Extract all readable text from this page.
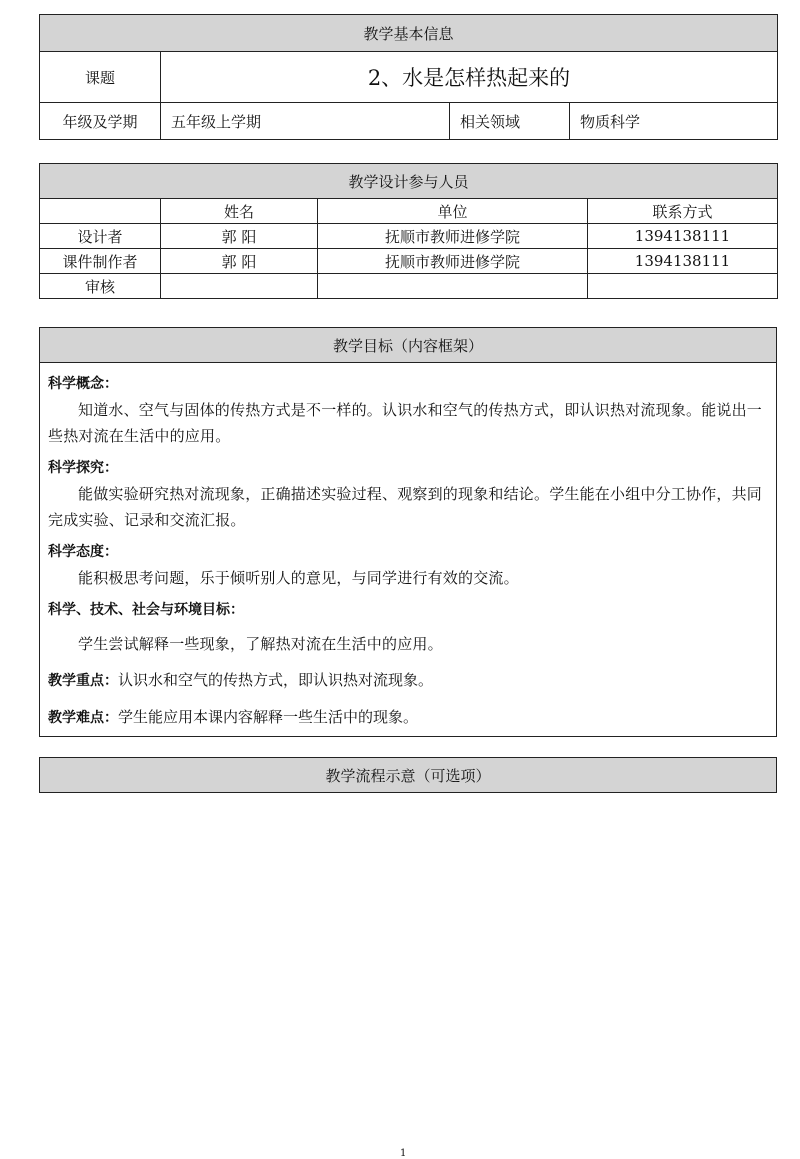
教学基本信息			
课题	2、水是怎样热起来的		
年级及学期	五年级上学期	相关领域	物质科学
教学设计参与人员			
	姓名	单位	联系方式
设计者	郭 阳	抚顺市教师进修学院	1394138111
课件制作者	郭 阳	抚顺市教师进修学院	1394138111
审核			
教学目标（内容框架）

科学概念：
知道水、空气与固体的传热方式是不一样的。认识水和空气的传热方式，即认识热对流现象。能说出一些热对流在生活中的应用。
科学探究：
能做实验研究热对流现象，正确描述实验过程、观察到的现象和结论。学生能在小组中分工协作，共同完成实验、记录和交流汇报。
科学态度：
能积极思考问题，乐于倾听别人的意见，与同学进行有效的交流。
科学、技术、社会与环境目标：
学生尝试解释一些现象，了解热对流在生活中的应用。
教学重点：认识水和空气的传热方式，即认识热对流现象。
教学难点：学生能应用本课内容解释一些生活中的现象。
教学流程示意（可选项）
1
